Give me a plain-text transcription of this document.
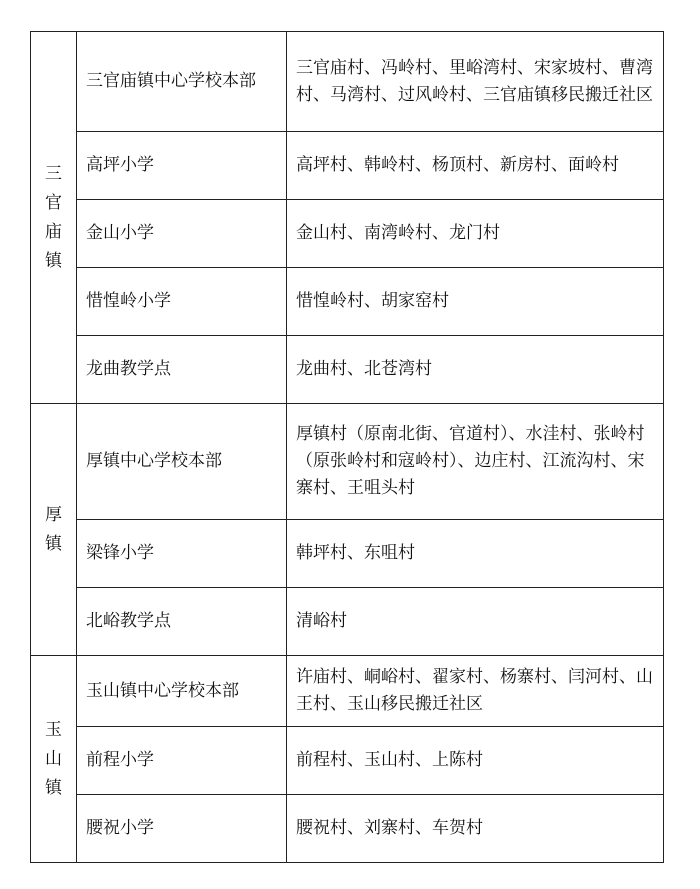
三官庙镇	三官庙镇中心学校本部	三官庙村、冯岭村、里峪湾村、宋家坡村、曹湾村、马湾村、过风岭村、三官庙镇移民搬迁社区
	高坪小学	高坪村、韩岭村、杨顶村、新房村、面岭村
	金山小学	金山村、南湾岭村、龙门村
	惜惶岭小学	惜惶岭村、胡家窑村
	龙曲教学点	龙曲村、北苍湾村
厚镇	厚镇中心学校本部	厚镇村（原南北街、官道村）、水洼村、张岭村（原张岭村和寇岭村）、边庄村、江流沟村、宋寨村、王咀头村
	梁锋小学	韩坪村、东咀村
	北峪教学点	清峪村
玉山镇	玉山镇中心学校本部	许庙村、峒峪村、翟家村、杨寨村、闫河村、山王村、玉山移民搬迁社区
	前程小学	前程村、玉山村、上陈村
	腰祝小学	腰祝村、刘寨村、车贺村
